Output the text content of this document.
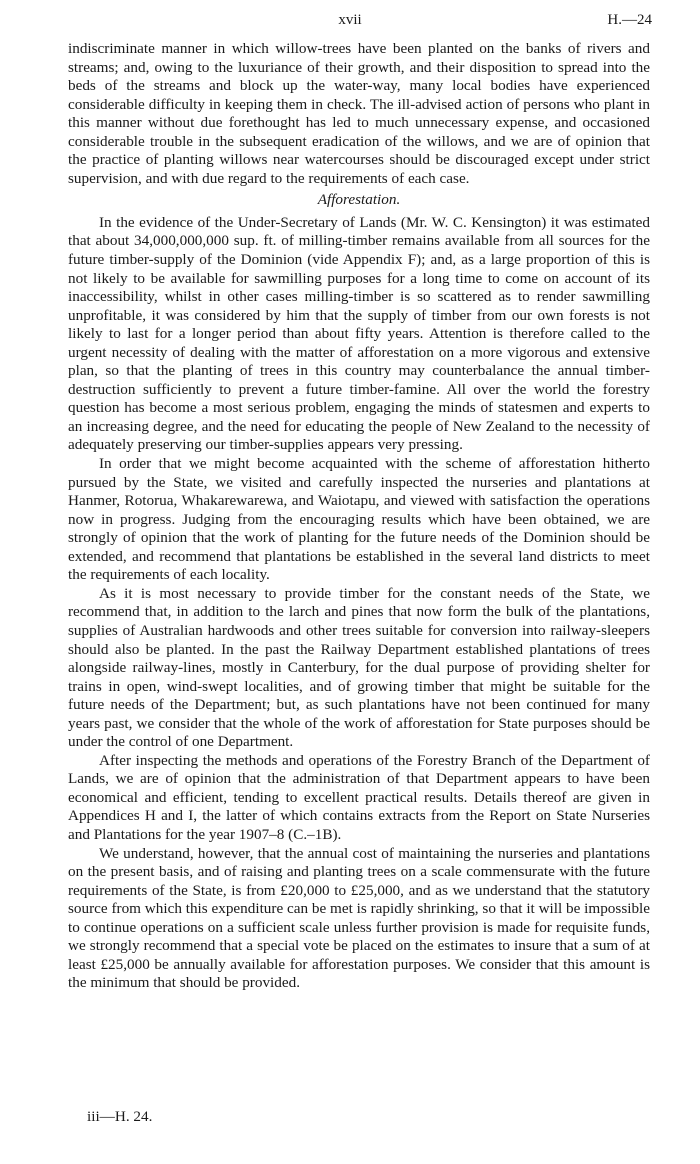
xvii	H.—24

indiscriminate manner in which willow-trees have been planted on the banks of rivers and streams; and, owing to the luxuriance of their growth, and their disposition to spread into the beds of the streams and block up the water-way, many local bodies have experienced considerable difficulty in keeping them in check. The ill-advised action of persons who plant in this manner without due forethought has led to much unnecessary expense, and occasioned considerable trouble in the subsequent eradication of the willows, and we are of opinion that the practice of planting willows near watercourses should be discouraged except under strict supervision, and with due regard to the requirements of each case.

Afforestation.

In the evidence of the Under-Secretary of Lands (Mr. W. C. Kensington) it was estimated that about 34,000,000,000 sup. ft. of milling-timber remains available from all sources for the future timber-supply of the Dominion (vide Appendix F); and, as a large proportion of this is not likely to be available for sawmilling purposes for a long time to come on account of its inaccessibility, whilst in other cases milling-timber is so scattered as to render sawmilling unprofitable, it was considered by him that the supply of timber from our own forests is not likely to last for a longer period than about fifty years. Attention is therefore called to the urgent necessity of dealing with the matter of afforestation on a more vigorous and extensive plan, so that the planting of trees in this country may counterbalance the annual timber-destruction sufficiently to prevent a future timber-famine. All over the world the forestry question has become a most serious problem, engaging the minds of statesmen and experts to an increasing degree, and the need for educating the people of New Zealand to the necessity of adequately preserving our timber-supplies appears very pressing.

In order that we might become acquainted with the scheme of afforestation hitherto pursued by the State, we visited and carefully inspected the nurseries and plantations at Hanmer, Rotorua, Whakarewarewa, and Waiotapu, and viewed with satisfaction the operations now in progress. Judging from the encouraging results which have been obtained, we are strongly of opinion that the work of planting for the future needs of the Dominion should be extended, and recommend that plantations be established in the several land districts to meet the requirements of each locality.

As it is most necessary to provide timber for the constant needs of the State, we recommend that, in addition to the larch and pines that now form the bulk of the plantations, supplies of Australian hardwoods and other trees suitable for conversion into railway-sleepers should also be planted. In the past the Railway Department established plantations of trees alongside railway-lines, mostly in Canterbury, for the dual purpose of providing shelter for trains in open, wind-swept localities, and of growing timber that might be suitable for the future needs of the Department; but, as such plantations have not been continued for many years past, we consider that the whole of the work of afforestation for State purposes should be under the control of one Department.

After inspecting the methods and operations of the Forestry Branch of the Department of Lands, we are of opinion that the administration of that Department appears to have been economical and efficient, tending to excellent practical results. Details thereof are given in Appendices H and I, the latter of which contains extracts from the Report on State Nurseries and Plantations for the year 1907–8 (C.–1B).

We understand, however, that the annual cost of maintaining the nurseries and plantations on the present basis, and of raising and planting trees on a scale commensurate with the future requirements of the State, is from £20,000 to £25,000, and as we understand that the statutory source from which this expenditure can be met is rapidly shrinking, so that it will be impossible to continue operations on a sufficient scale unless further provision is made for requisite funds, we strongly recommend that a special vote be placed on the estimates to insure that a sum of at least £25,000 be annually available for afforestation purposes. We consider that this amount is the minimum that should be provided.

iii—H. 24.
